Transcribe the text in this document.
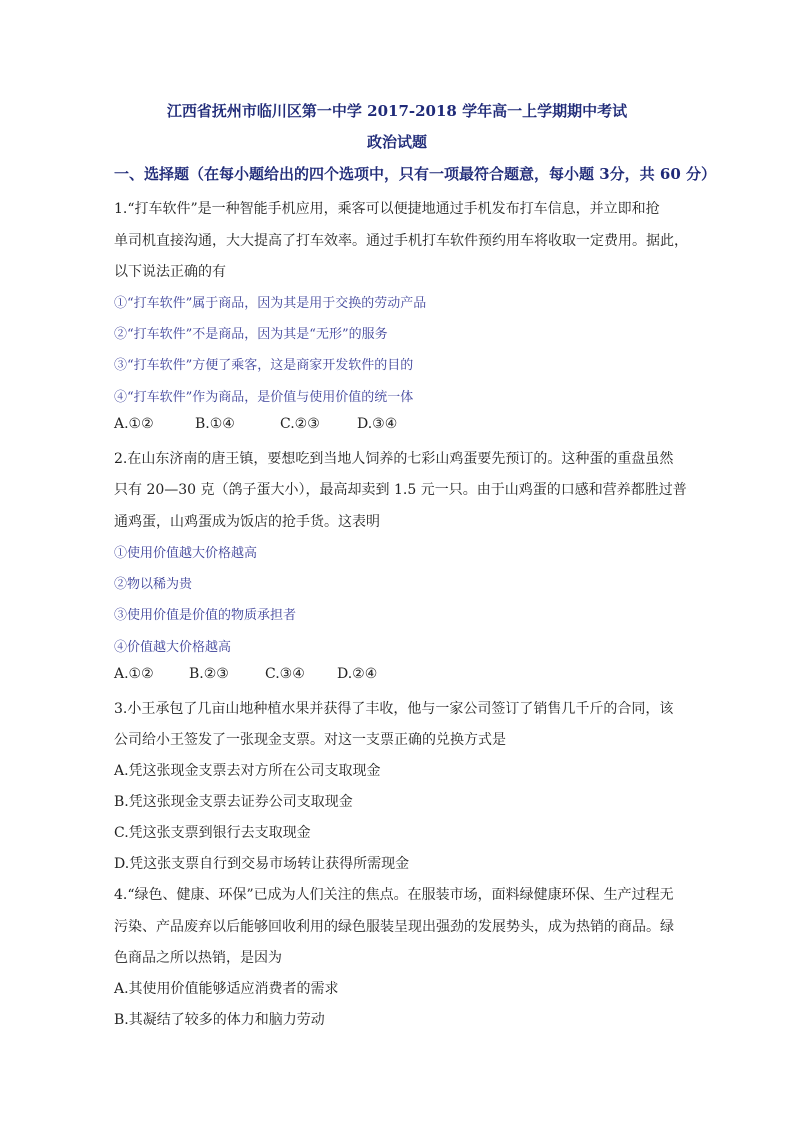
江西省抚州市临川区第一中学 2017-2018 学年高一上学期期中考试
政治试题
一、选择题（在每小题给出的四个选项中，只有一项最符合题意，每小题 3分，共 60 分）
1.“打车软件”是一种智能手机应用，乘客可以便捷地通过手机发布打车信息，并立即和抢
单司机直接沟通，大大提高了打车效率。通过手机打车软件预约用车将收取一定费用。据此，
以下说法正确的有
①“打车软件”属于商品，因为其是用于交换的劳动产品
②“打车软件”不是商品，因为其是“无形”的服务
③“打车软件”方便了乘客，这是商家开发软件的目的
④“打车软件”作为商品，是价值与使用价值的统一体
A.①②	B.①④	C.②③	D.③④
2.在山东济南的唐王镇，要想吃到当地人饲养的七彩山鸡蛋要先预订的。这种蛋的重盘虽然
只有 20—30 克（鸽子蛋大小），最高却卖到 1.5 元一只。由于山鸡蛋的口感和营养都胜过普
通鸡蛋，山鸡蛋成为饭店的抢手货。这表明
①使用价值越大价格越高
②物以稀为贵
③使用价值是价值的物质承担者
④价值越大价格越高
A.①②	B.②③	C.③④ D.②④
3.小王承包了几亩山地种植水果并获得了丰收，他与一家公司签订了销售几千斤的合同，该
公司给小王签发了一张现金支票。对这一支票正确的兑换方式是
A.凭这张现金支票去对方所在公司支取现金
B.凭这张现金支票去证券公司支取现金
C.凭这张支票到银行去支取现金
D.凭这张支票自行到交易市场转让获得所需现金
4.“绿色、健康、环保”已成为人们关注的焦点。在服装市场，面料绿健康环保、生产过程无
污染、产品废弃以后能够回收利用的绿色服装呈现出强劲的发展势头，成为热销的商品。绿
色商品之所以热销，是因为
A.其使用价值能够适应消费者的需求
B.其凝结了较多的体力和脑力劳动
